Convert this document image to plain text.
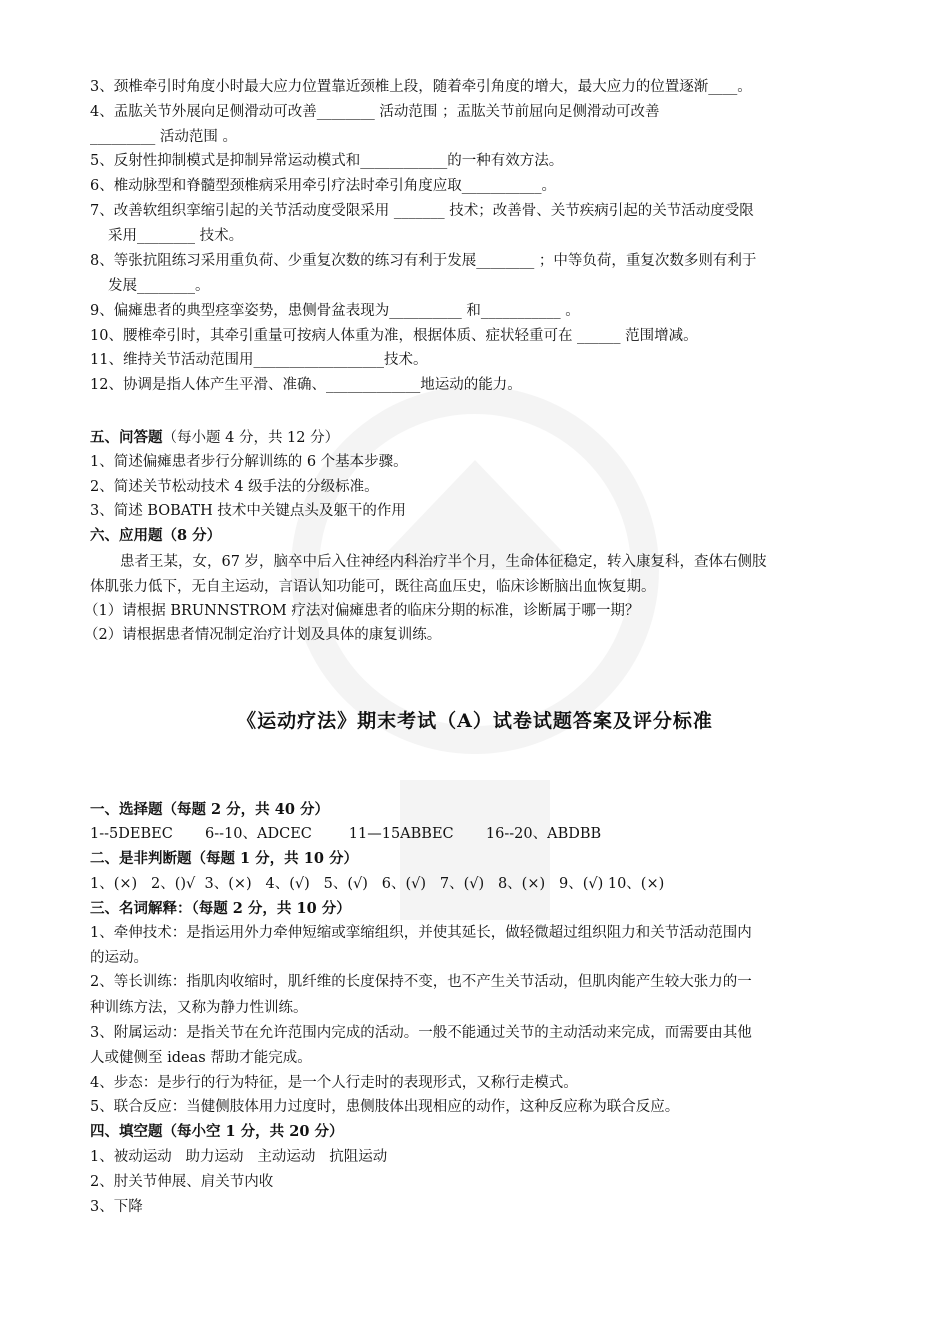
3、颈椎牵引时角度小时最大应力位置靠近颈椎上段，随着牵引角度的增大，最大应力的位置逐渐____。
4、盂肱关节外展向足侧滑动可改善________ 活动范围 ；盂肱关节前屈向足侧滑动可改善
_________ 活动范围 。
5、反射性抑制模式是抑制异常运动模式和____________的一种有效方法。
6、椎动脉型和脊髓型颈椎病采用牵引疗法时牵引角度应取___________。
7、改善软组织挛缩引起的关节活动度受限采用 _______ 技术；改善骨、关节疾病引起的关节活动度受限
采用________ 技术。
8、等张抗阻练习采用重负荷、少重复次数的练习有利于发展________ ；中等负荷，重复次数多则有利于
发展________。
9、偏瘫患者的典型痉挛姿势，患侧骨盆表现为__________ 和___________ 。
10、腰椎牵引时，其牵引重量可按病人体重为准，根据体质、症状轻重可在 ______ 范围增减。
11、维持关节活动范围用__________________技术。
12、协调是指人体产生平滑、准确、_____________地运动的能力。
五、问答题（每小题 4 分，共 12 分）
1、简述偏瘫患者步行分解训练的 6 个基本步骤。
2、简述关节松动技术 4 级手法的分级标准。
3、简述 BOBATH 技术中关键点头及躯干的作用
六、应用题（8 分）
患者王某，女，67 岁，脑卒中后入住神经内科治疗半个月，生命体征稳定，转入康复科，查体右侧肢
体肌张力低下，无自主运动，言语认知功能可，既往高血压史，临床诊断脑出血恢复期。
（1）请根据 BRUNNSTROM 疗法对偏瘫患者的临床分期的标准，诊断属于哪一期？
（2）请根据患者情况制定治疗计划及具体的康复训练。
《运动疗法》期末考试（A）试卷试题答案及评分标准
一、选择题（每题 2 分，共 40 分）
1--5DEBEC       6--10、ADCEC        11—15ABBEC       16--20、ABDBB
二、是非判断题（每题 1 分，共 10 分）
1、(×)   2、()√  3、(×)   4、(√)   5、(√)   6、(√)   7、(√)   8、(×)   9、(√) 10、(×)
三、名词解释：（每题 2 分，共 10 分）
1、牵伸技术：是指运用外力牵伸短缩或挛缩组织，并使其延长，做轻微超过组织阻力和关节活动范围内
的运动。
2、等长训练：指肌肉收缩时，肌纤维的长度保持不变，也不产生关节活动，但肌肉能产生较大张力的一
种训练方法，又称为静力性训练。
3、附属运动：是指关节在允许范围内完成的活动。一般不能通过关节的主动活动来完成，而需要由其他
人或健侧至 ideas 帮助才能完成。
4、步态：是步行的行为特征，是一个人行走时的表现形式，又称行走模式。
5、联合反应：当健侧肢体用力过度时，患侧肢体出现相应的动作，这种反应称为联合反应。
四、填空题（每小空 1 分，共 20 分）
1、被动运动   助力运动   主动运动   抗阻运动
2、肘关节伸展、肩关节内收
3、下降
